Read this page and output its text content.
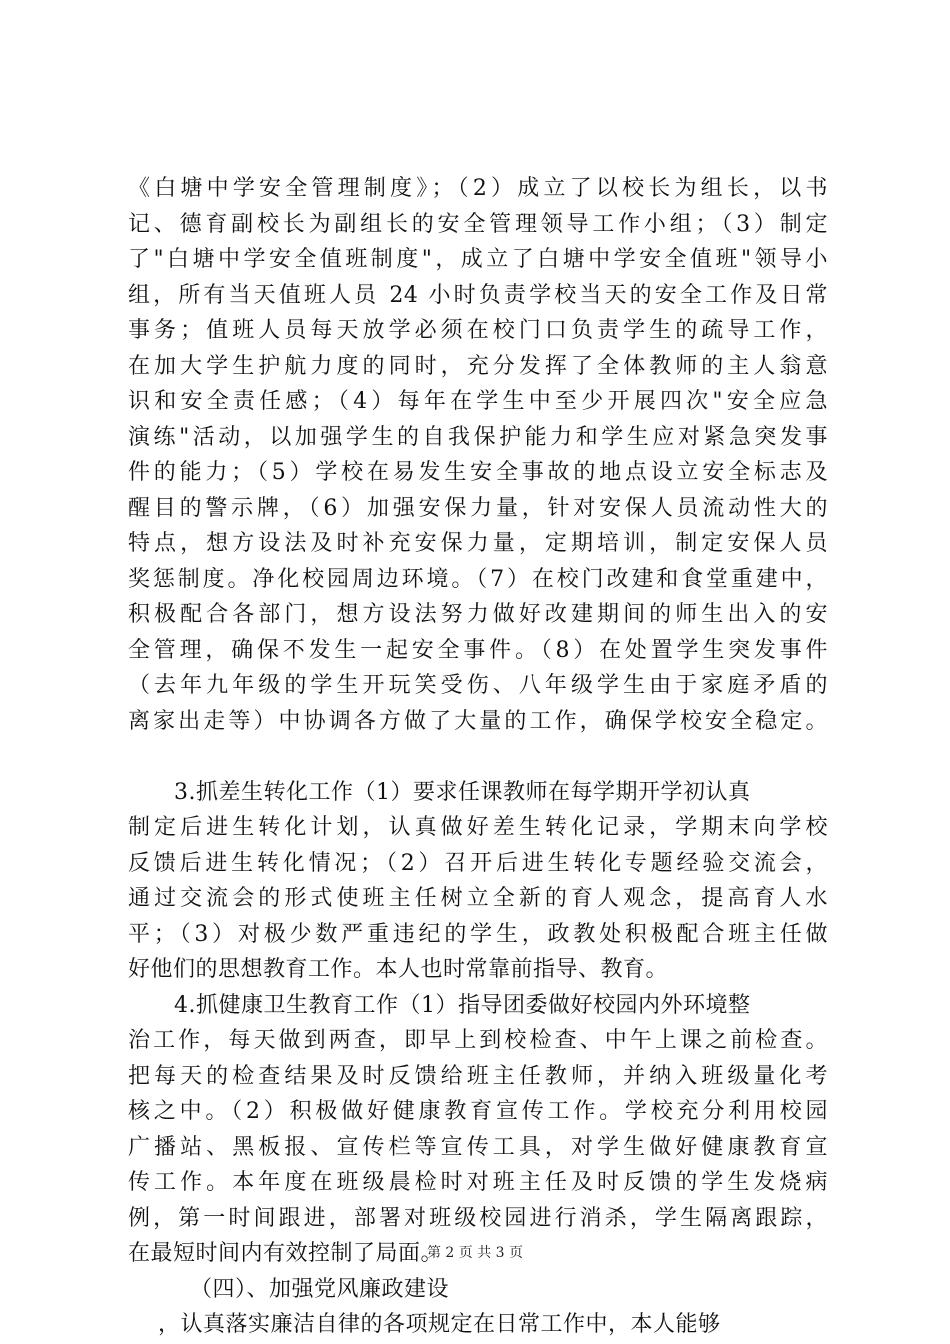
《白塘中学安全管理制度》；（2）成立了以校长为组长，以书
记、德育副校长为副组长的安全管理领导工作小组；（3）制定
了"白塘中学安全值班制度"，成立了白塘中学安全值班"领导小
组，所有当天值班人员 24 小时负责学校当天的安全工作及日常
事务；值班人员每天放学必须在校门口负责学生的疏导工作，
在加大学生护航力度的同时，充分发挥了全体教师的主人翁意
识和安全责任感；（4）每年在学生中至少开展四次"安全应急
演练"活动，以加强学生的自我保护能力和学生应对紧急突发事
件的能力；（5）学校在易发生安全事故的地点设立安全标志及
醒目的警示牌，（6）加强安保力量，针对安保人员流动性大的
特点，想方设法及时补充安保力量，定期培训，制定安保人员
奖惩制度。净化校园周边环境。（7）在校门改建和食堂重建中，
积极配合各部门，想方设法努力做好改建期间的师生出入的安
全管理，确保不发生一起安全事件。（8）在处置学生突发事件
（去年九年级的学生开玩笑受伤、八年级学生由于家庭矛盾的
离家出走等）中协调各方做了大量的工作，确保学校安全稳定。
3.抓差生转化工作（1）要求任课教师在每学期开学初认真
制定后进生转化计划，认真做好差生转化记录，学期末向学校
反馈后进生转化情况；（2）召开后进生转化专题经验交流会，
通过交流会的形式使班主任树立全新的育人观念，提高育人水
平；（3）对极少数严重违纪的学生，政教处积极配合班主任做
好他们的思想教育工作。本人也时常靠前指导、教育。
4.抓健康卫生教育工作（1）指导团委做好校园内外环境整
治工作，每天做到两查，即早上到校检查、中午上课之前检查。
把每天的检查结果及时反馈给班主任教师，并纳入班级量化考
核之中。（2）积极做好健康教育宣传工作。学校充分利用校园
广播站、黑板报、宣传栏等宣传工具，对学生做好健康教育宣
传工作。本年度在班级晨检时对班主任及时反馈的学生发烧病
例，第一时间跟进，部署对班级校园进行消杀，学生隔离跟踪，
在最短时间内有效控制了局面。
（四）、加强党风廉政建设
，认真落实廉洁自律的各项规定在日常工作中，本人能够
第 2 页 共 3 页
